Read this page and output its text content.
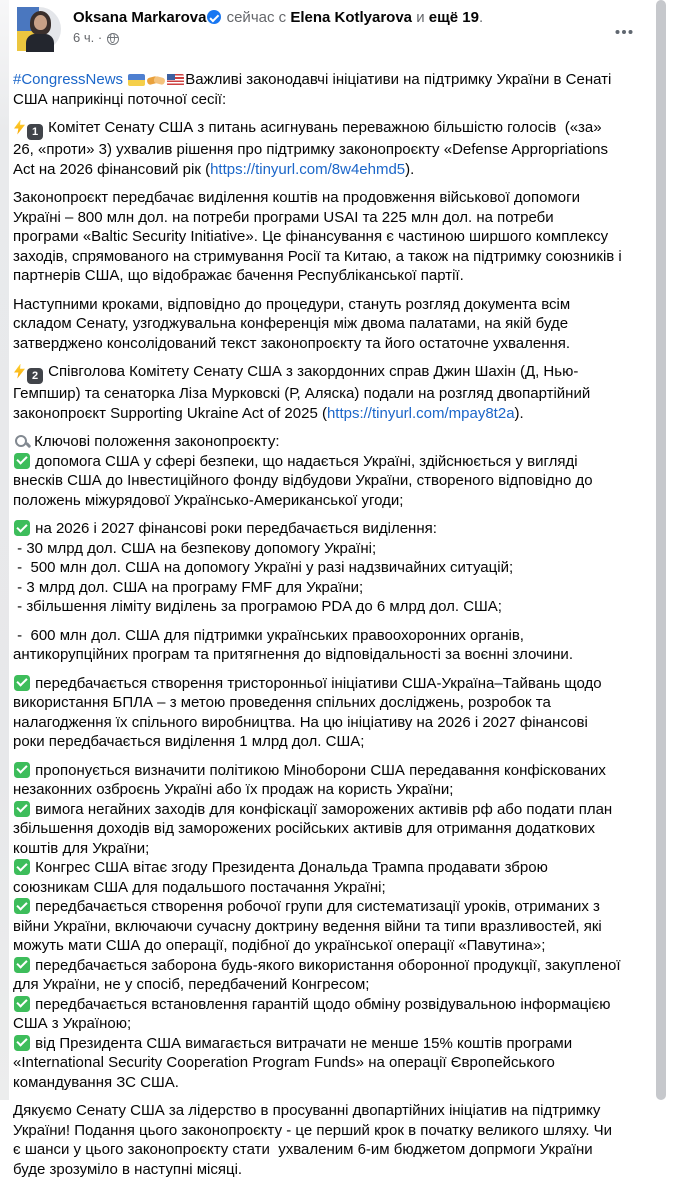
Oksana Markarova сейчас с Elena Kotlyarova и ещё 19.
6 ч. ·
#CongressNews	Важливі законодавчі ініціативи на підтримку України в Сенаті США наприкінці поточної сесії:
1 Комітет Сенату США з питань асигнувань переважною більшістю голосів  («за» 26, «проти» 3) ухвалив рішення про підтримку законопроєкту «Defense Appropriations Act на 2026 фінансовий рік (https://tinyurl.com/8w4ehmd5).
Законопроєкт передбачає виділення коштів на продовження військової допомоги Україні – 800 млн дол. на потреби програми USAI та 225 млн дол. на потреби програми «Baltic Security Initiative». Це фінансування є частиною ширшого комплексу заходів, спрямованого на стримування Росії та Китаю, а також на підтримку союзників і партнерів США, що відображає бачення Республіканської партії.
Наступними кроками, відповідно до процедури, стануть розгляд документа всім складом Сенату, узгоджувальна конференція між двома палатами, на якій буде затверджено консолідований текст законопроєкту та його остаточне ухвалення.
2 Співголова Комітету Сенату США з закордонних справ Джин Шахін (Д, Нью-Гемпшир) та сенаторка Ліза Мурковскі (Р, Аляска) подали на розгляд двопартійний законопроєкт Supporting Ukraine Act of 2025 (https://tinyurl.com/mpay8t2a).
Ключові положення законопроєкту:
допомога США у сфері безпеки, що надається Україні, здійснюється у вигляді внесків США до Інвестиційного фонду відбудови України, створеного відповідно до положень міжурядової Українсько-Американської угоди;
на 2026 і 2027 фінансові роки передбачається виділення:
- 30 млрд дол. США на безпекову допомогу Україні;
-  500 млн дол. США на допомогу Україні у разі надзвичайних ситуацій;
- 3 млрд дол. США на програму FMF для України;
- збільшення ліміту виділень за програмою PDA до 6 млрд дол. США;
-  600 млн дол. США для підтримки українських правоохоронних органів, антикорупційних програм та притягнення до відповідальності за воєнні злочини.
передбачається створення тристоронньої ініціативи США-Україна–Тайвань щодо використання БПЛА – з метою проведення спільних досліджень, розробок та налагодження їх спільного виробництва. На цю ініціативу на 2026 і 2027 фінансові роки передбачається виділення 1 млрд дол. США;
пропонується визначити політикою Міноборони США передавання конфіскованих незаконних озброєнь Україні або їх продаж на користь України;
вимога негайних заходів для конфіскації заморожених активів рф або подати план збільшення доходів від заморожених російських активів для отримання додаткових коштів для України;
Конгрес США вітає згоду Президента Дональда Трампа продавати зброю союзникам США для подальшого постачання Україні;
передбачається створення робочої групи для систематизації уроків, отриманих з війни України, включаючи сучасну доктрину ведення війни та типи вразливостей, які можуть мати США до операції, подібної до української операції «Павутина»;
передбачається заборона будь-якого використання оборонної продукції, закупленої для України, не у спосіб, передбачений Конгресом;
передбачається встановлення гарантій щодо обміну розвідувальною інформацією США з Україною;
від Президента США вимагається витрачати не менше 15% коштів програми «International Security Cooperation Program Funds» на операції Європейського командування ЗС США.
Дякуємо Сенату США за лідерство в просуванні двопартійних ініціатив на підтримку України! Подання цього законопроєкту - це перший крок в початку великого шляху. Чи є шанси у цього законопроєкту стати  ухваленим 6-им бюджетом допрмоги України буде зрозуміло в наступні місяці.
